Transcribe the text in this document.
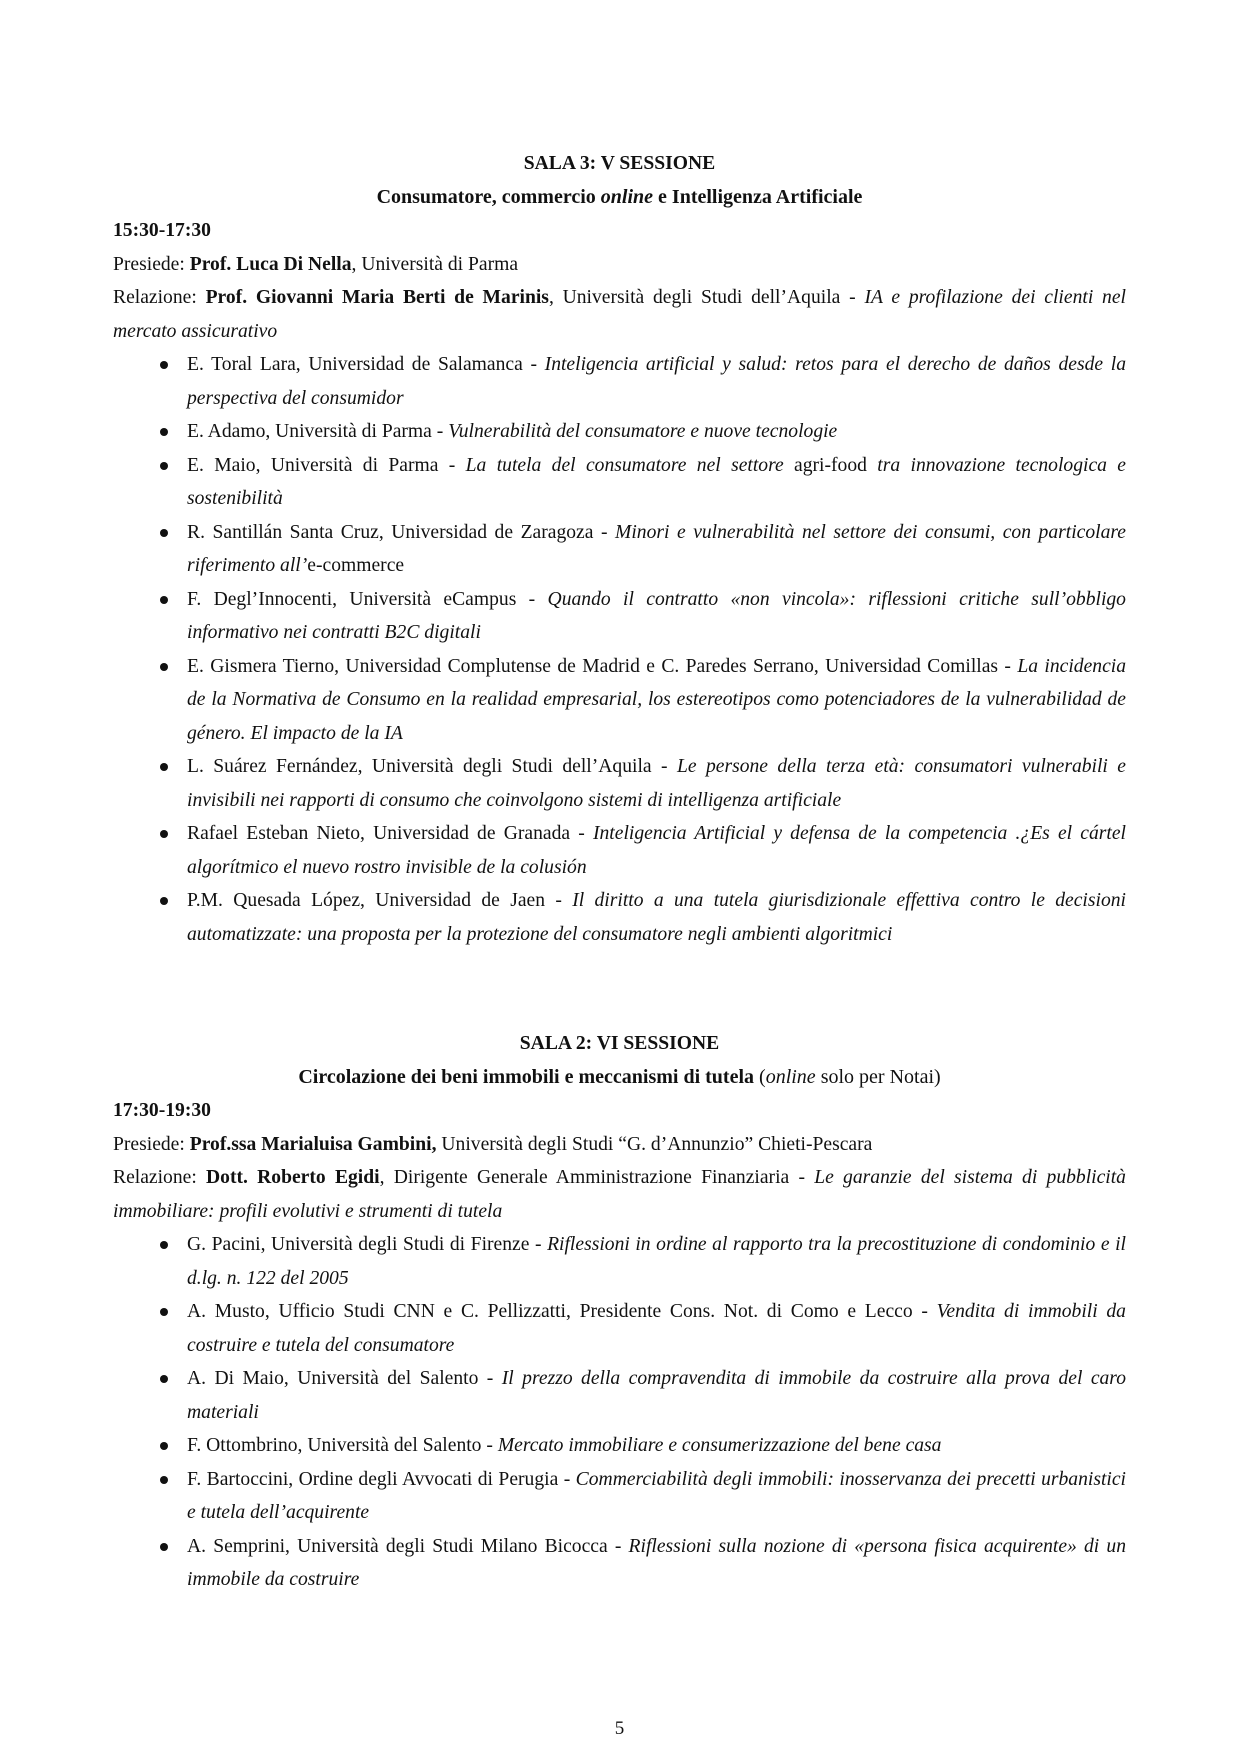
SALA 3: V SESSIONE

Consumatore, commercio online e Intelligenza Artificiale

15:30-17:30

Presiede: Prof. Luca Di Nella, Università di Parma

Relazione: Prof. Giovanni Maria Berti de Marinis, Università degli Studi dell’Aquila - IA e profilazione dei clienti nel mercato assicurativo

E. Toral Lara, Universidad de Salamanca - Inteligencia artificial y salud: retos para el derecho de daños desde la perspectiva del consumidor
E. Adamo, Università di Parma - Vulnerabilità del consumatore e nuove tecnologie
E. Maio, Università di Parma - La tutela del consumatore nel settore agri-food tra innovazione tecnologica e sostenibilità
R. Santillán Santa Cruz, Universidad de Zaragoza - Minori e vulnerabilità nel settore dei consumi, con particolare riferimento all’e-commerce
F. Degl’Innocenti, Università eCampus - Quando il contratto «non vincola»: riflessioni critiche sull’obbligo informativo nei contratti B2C digitali
E. Gismera Tierno, Universidad Complutense de Madrid e C. Paredes Serrano, Universidad Comillas - La incidencia de la Normativa de Consumo en la realidad empresarial, los estereotipos como potenciadores de la vulnerabilidad de género. El impacto de la IA
L. Suárez Fernández, Università degli Studi dell’Aquila - Le persone della terza età: consumatori vulnerabili e invisibili nei rapporti di consumo che coinvolgono sistemi di intelligenza artificiale
Rafael Esteban Nieto, Universidad de Granada - Inteligencia Artificial y defensa de la competencia .¿Es el cártel algorítmico el nuevo rostro invisible de la colusión
P.M. Quesada López, Universidad de Jaen - Il diritto a una tutela giurisdizionale effettiva contro le decisioni automatizzate: una proposta per la protezione del consumatore negli ambienti algoritmici

SALA 2: VI SESSIONE

Circolazione dei beni immobili e meccanismi di tutela (online solo per Notai)

17:30-19:30

Presiede: Prof.ssa Marialuisa Gambini, Università degli Studi “G. d’Annunzio” Chieti-Pescara

Relazione: Dott. Roberto Egidi, Dirigente Generale Amministrazione Finanziaria - Le garanzie del sistema di pubblicità immobiliare: profili evolutivi e strumenti di tutela

G. Pacini, Università degli Studi di Firenze - Riflessioni in ordine al rapporto tra la precostituzione di condominio e il d.lg. n. 122 del 2005
A. Musto, Ufficio Studi CNN e C. Pellizzatti, Presidente Cons. Not. di Como e Lecco - Vendita di immobili da costruire e tutela del consumatore
A. Di Maio, Università del Salento - Il prezzo della compravendita di immobile da costruire alla prova del caro materiali
F. Ottombrino, Università del Salento - Mercato immobiliare e consumerizzazione del bene casa
F. Bartoccini, Ordine degli Avvocati di Perugia - Commerciabilità degli immobili: inosservanza dei precetti urbanistici e tutela dell’acquirente
A. Semprini, Università degli Studi Milano Bicocca - Riflessioni sulla nozione di «persona fisica acquirente» di un immobile da costruire
5
